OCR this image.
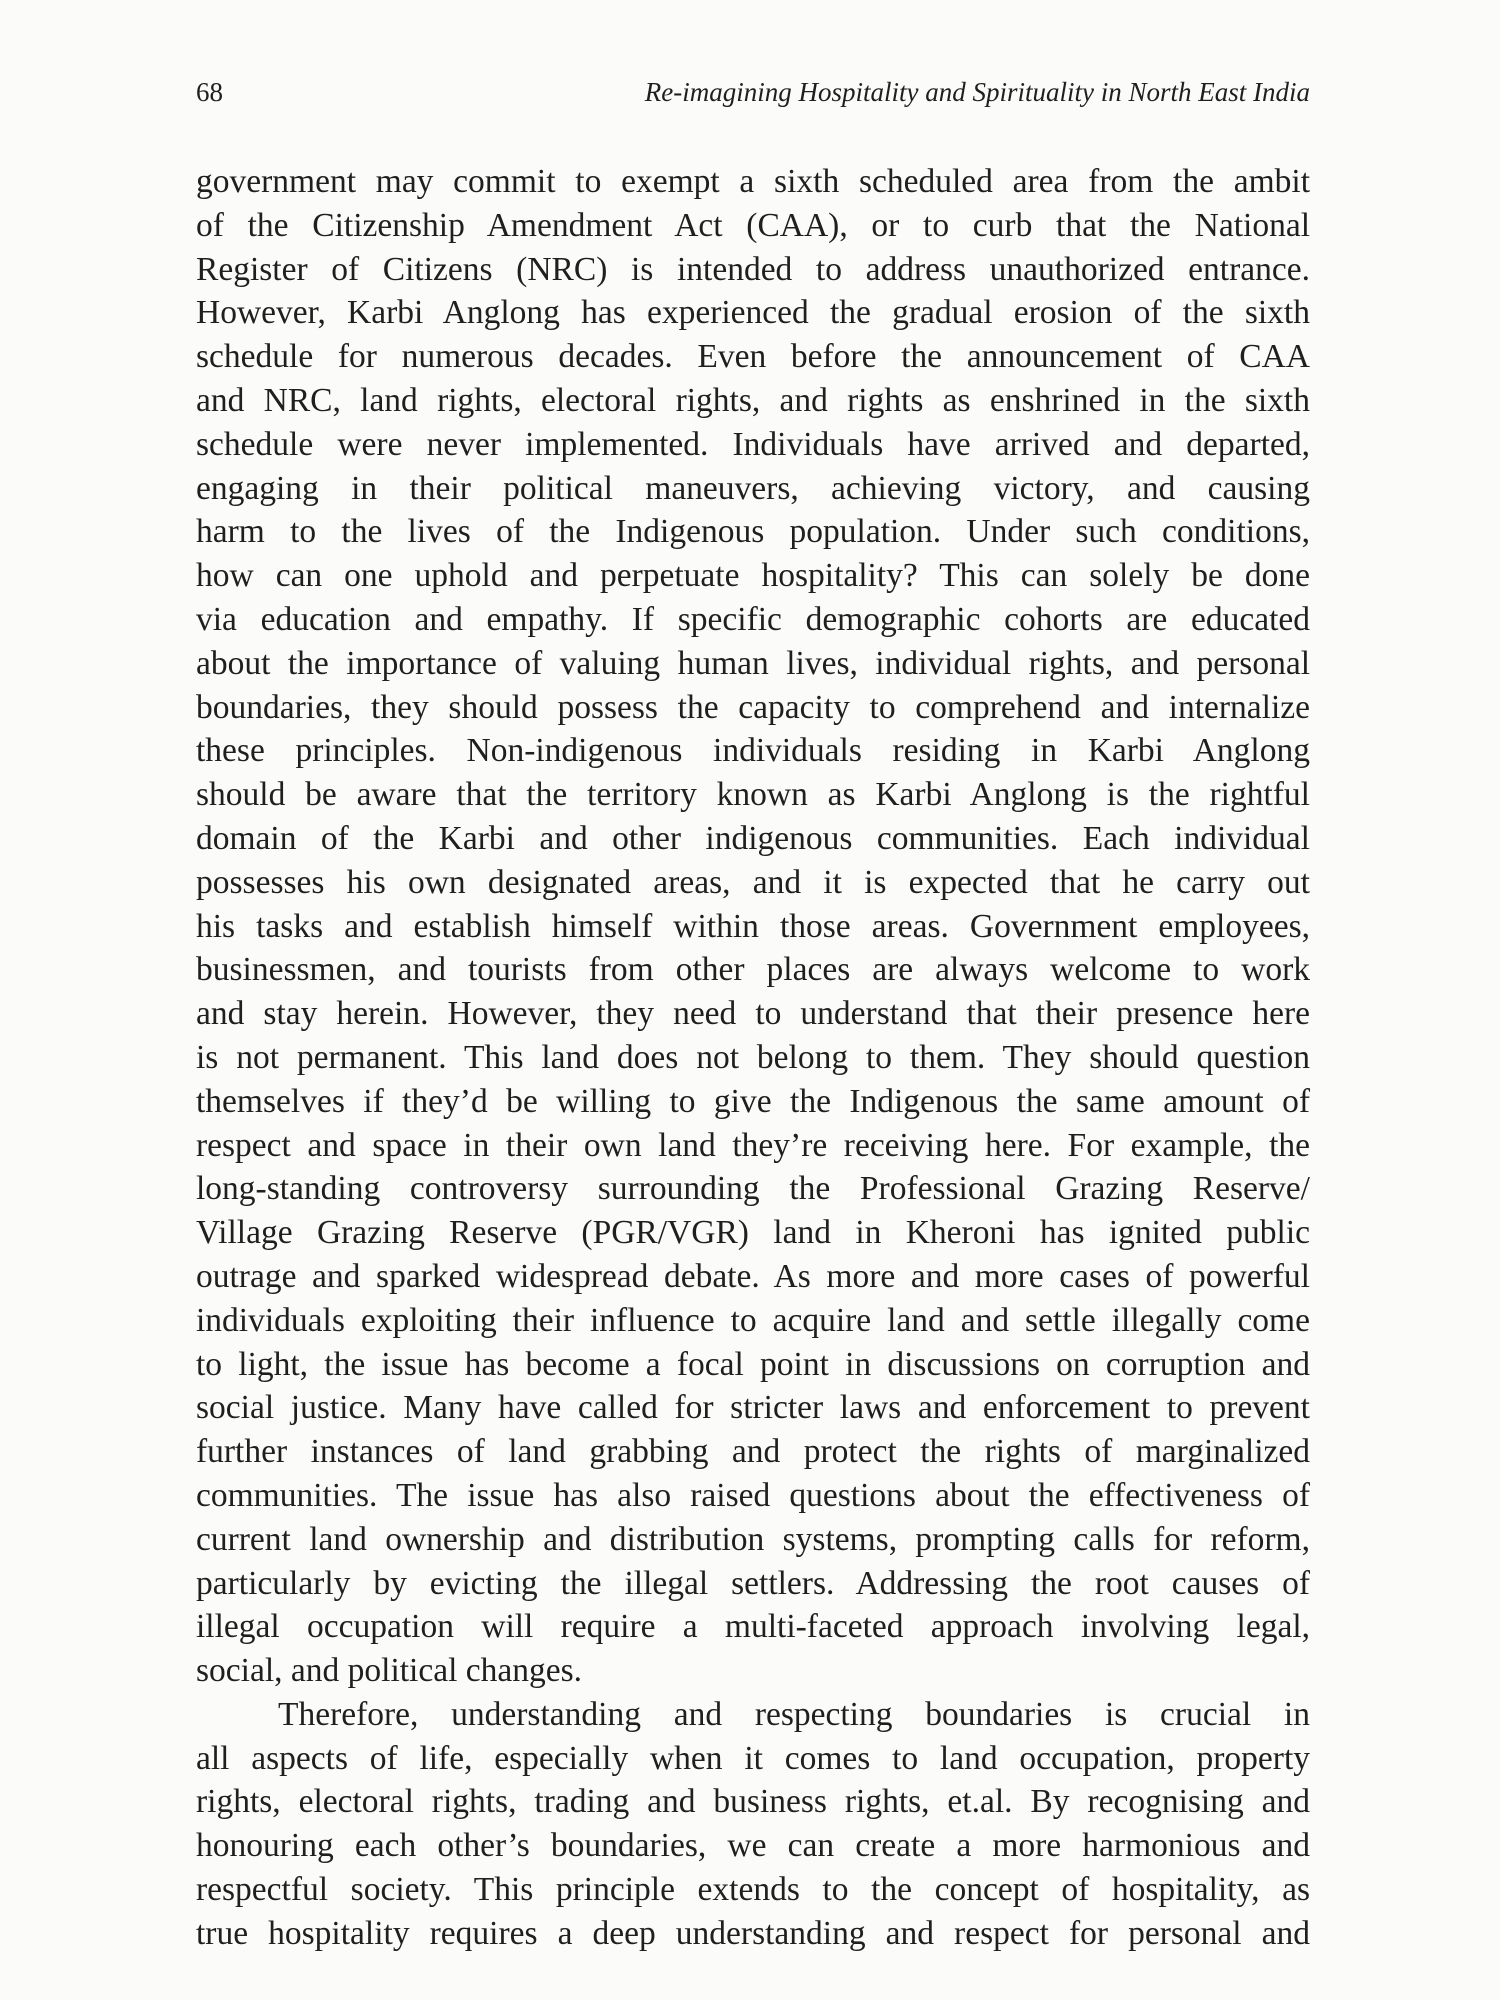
68	Re-imagining Hospitality and Spirituality in North East India
government may commit to exempt a sixth scheduled area from the ambit
of the Citizenship Amendment Act (CAA), or to curb that the National
Register of Citizens (NRC) is intended to address unauthorized entrance.
However, Karbi Anglong has experienced the gradual erosion of the sixth
schedule for numerous decades. Even before the announcement of CAA
and NRC, land rights, electoral rights, and rights as enshrined in the sixth
schedule were never implemented. Individuals have arrived and departed,
engaging in their political maneuvers, achieving victory, and causing
harm to the lives of the Indigenous population. Under such conditions,
how can one uphold and perpetuate hospitality? This can solely be done
via education and empathy. If specific demographic cohorts are educated
about the importance of valuing human lives, individual rights, and personal
boundaries, they should possess the capacity to comprehend and internalize
these principles. Non-indigenous individuals residing in Karbi Anglong
should be aware that the territory known as Karbi Anglong is the rightful
domain of the Karbi and other indigenous communities. Each individual
possesses his own designated areas, and it is expected that he carry out
his tasks and establish himself within those areas. Government employees,
businessmen, and tourists from other places are always welcome to work
and stay herein. However, they need to understand that their presence here
is not permanent. This land does not belong to them. They should question
themselves if they’d be willing to give the Indigenous the same amount of
respect and space in their own land they’re receiving here. For example, the
long-standing controversy surrounding the Professional Grazing Reserve/
Village Grazing Reserve (PGR/VGR) land in Kheroni has ignited public
outrage and sparked widespread debate. As more and more cases of powerful
individuals exploiting their influence to acquire land and settle illegally come
to light, the issue has become a focal point in discussions on corruption and
social justice. Many have called for stricter laws and enforcement to prevent
further instances of land grabbing and protect the rights of marginalized
communities. The issue has also raised questions about the effectiveness of
current land ownership and distribution systems, prompting calls for reform,
particularly by evicting the illegal settlers. Addressing the root causes of
illegal occupation will require a multi-faceted approach involving legal,
social, and political changes.
Therefore, understanding and respecting boundaries is crucial in
all aspects of life, especially when it comes to land occupation, property
rights, electoral rights, trading and business rights, et.al. By recognising and
honouring each other’s boundaries, we can create a more harmonious and
respectful society. This principle extends to the concept of hospitality, as
true hospitality requires a deep understanding and respect for personal and
